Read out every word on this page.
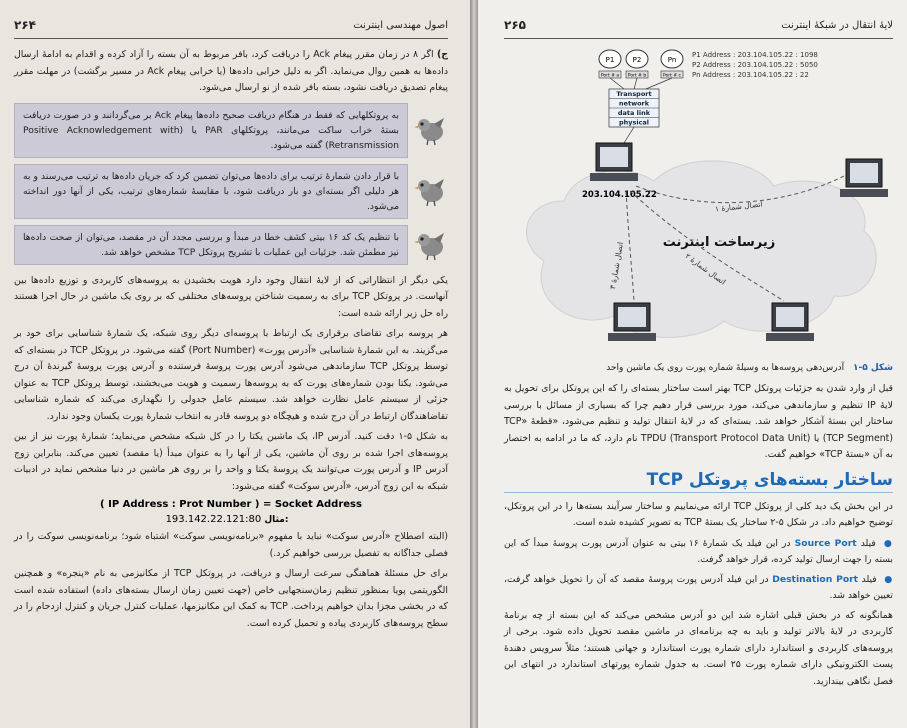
۲۶۴	اصول مهندسی اینترنت

ج) اگر ۸ در زمان مقرر پیغام Ack را دریافت کرد، بافر مربوط به آن بسته را آزاد کرده و اقدام به ادامهٔ ارسال داده‌ها به همین روال می‌نماید. اگر به دلیل خرابی داده‌ها (یا خرابی پیغام Ack در مسیر برگشت) در مهلت مقرر پیغام تصدیق دریافت نشود، بسته بافر شده از نو ارسال می‌شود.

به پروتکلهایی که فقط در هنگام دریافت صحیح داده‌ها پیغام Ack بر می‌گردانند و در صورت دریافت بستهٔ خراب ساکت می‌مانند، پروتکلهای PAR یا (Positive Acknowledgement with Retransmission) گفته می‌شود.
با قرار دادن شمارهٔ ترتیب برای داده‌ها می‌توان تضمین کرد که جریان داده‌ها به ترتیب می‌رسند و به هر دلیلی اگر بسته‌ای دو بار دریافت شود، با مقایسهٔ شماره‌های ترتیب، یکی از آنها دور انداخته می‌شود.
با تنظیم یک کد ۱۶ بیتی کشف خطا در مبدأ و بررسی مجدد آن در مقصد، می‌توان از صحت داده‌ها نیز مطمئن شد. جزئیات این عملیات با تشریح پروتکل TCP مشخص خواهد شد.

یکی دیگر از انتظاراتی که از لایهٔ انتقال وجود دارد هویت بخشیدن به پروسه‌های کاربردی و توزیع داده‌ها بین آنهاست. در پروتکل TCP برای به رسمیت شناختن پروسه‌های مختلفی که بر روی یک ماشین در حال اجرا هستند راه حل زیر ارائه شده است:

هر پروسه برای تقاضای برقراری یک ارتباط با پروسه‌ای دیگر روی شبکه، یک شمارهٔ شناسایی برای خود بر می‌گزیند. به این شمارهٔ شناسایی «آدرس پورت» (Port Number) گفته می‌شود. در پروتکل TCP در بسته‌ای که توسط پروتکل TCP سازماندهی می‌شود آدرس پورت پروسهٔ فرستنده و آدرس پورت پروسهٔ گیرندهٔ آن درج می‌شود. یکتا بودن شماره‌های پورت که به پروسه‌ها رسمیت و هویت می‌بخشند، توسط پروتکل TCP به عنوان جزئی از سیستم عامل نظارت خواهد شد. سیستم عامل جدولی را نگهداری می‌کند که شماره شناسایی تقاضاهندگان ارتباط در آن درج شده و هیچگاه دو پروسه قادر به انتخاب شمارهٔ پورت یکسان وجود ندارد.

به شکل ۵-۱ دقت کنید. آدرس IP، یک ماشین یکتا را در کل شبکه مشخص می‌نماید؛ شمارهٔ پورت نیز از بین پروسه‌های اجرا شده بر روی آن ماشین، یکی از آنها را به عنوان مبدأ (یا مقصد) تعیین می‌کند. بنابراین زوج آدرس IP و آدرس پورت می‌توانند یک پروسهٔ یکتا و واحد را بر روی هر ماشین در دنیا مشخص نماید در ادبیات شبکه به این زوج آدرس، «آدرس سوکت» گفته می‌شود:

( IP Address : Prot Number ) = Socket Address
193.142.22.121:80 مثال:

(البته اصطلاح «آدرس سوکت» نباید با مفهوم «برنامه‌نویسی سوکت» اشتباه شود؛ برنامه‌نویسی سوکت را در فصلی جداگانه به تفصیل بررسی خواهیم کرد.)

برای حل مسئلهٔ هماهنگی سرعت ارسال و دریافت، در پروتکل TCP از مکانیزمی به نام «پنجره» و همچنین الگوریتمی پویا بمنظور تنظیم زمان‌سنجهایی خاص (جهت تعیین زمان ارسال بسته‌های داده) استفاده شده است که در بخشی مجزا بدان خواهیم پرداخت. TCP به کمک این مکانیزمها، عملیات کنترل جریان و کنترل ازدحام را در سطح پروسه‌های کاربردی پیاده و تحمیل کرده است.

۲۶۵	لایهٔ انتقال در شبکهٔ اینترنت
زیرساخت اینترنت
P1	P2	Pn
Port # a Port # b	Port # c
P1 Address : 203.104.105.22 : 1098
P2 Address : 203.104.105.22 : 5050
Pn Address : 203.104.105.22 : 22
Transport
network
data link
physical
203.104.105.22
اتصال شمارهٔ ۱
اتصال شمارهٔ ۳	اتصال شمارهٔ ۲
شکل ۵-۱ آدرس‌دهی پروسه‌ها به وسیلهٔ شماره پورت روی یک ماشین واحد

قبل از وارد شدن به جزئیات پروتکل TCP بهتر است ساختار بسته‌ای را که این پروتکل برای تحویل به لایهٔ IP تنظیم و سازماندهی می‌کند، مورد بررسی قرار دهیم چرا که بسیاری از مسائل با بررسی ساختار این بستهٔ آشکار خواهد شد. بسته‌ای که در لایهٔ انتقال تولید و تنظیم می‌شود، «قطعهٔ TCP» (TCP Segment) یا TPDU (Transport Protocol Data Unit) نام دارد، که ما در ادامه به اختصار به آن «بستهٔ TCP» خواهیم گفت.

ساختار بسته‌های پروتکل TCP

در این بخش یک دید کلی از پروتکل TCP ارائه می‌نماییم و ساختار سرآیند بسته‌ها را در این پروتکل، توضیح خواهیم داد. در شکل ۵-۲ ساختار یک بستهٔ TCP به تصویر کشیده شده است.

● فیلد Source Port در این فیلد یک شمارهٔ ۱۶ بیتی به عنوان آدرس پورت پروسهٔ مبدأ که این بسته را جهت ارسال تولید کرده، قرار خواهد گرفت.
● فیلد Destination Port در این فیلد آدرس پورت پروسهٔ مقصد که آن را تحویل خواهد گرفت، تعیین خواهد شد.

همانگونه که در بخش قبلی اشاره شد این دو آدرس مشخص می‌کند که این بسته از چه برنامهٔ کاربردی در لایهٔ بالاتر تولید و باید به چه برنامه‌ای در ماشین مقصد تحویل داده شود. برخی از پروسه‌های کاربردی و استاندارد دارای شماره پورت استاندارد و جهانی هستند؛ مثلاً سرویس دهندهٔ پست الکترونیکی دارای شماره پورت ۲۵ است. به جدول شماره پورتهای استاندارد در انتهای این فصل نگاهی بیندازید.
